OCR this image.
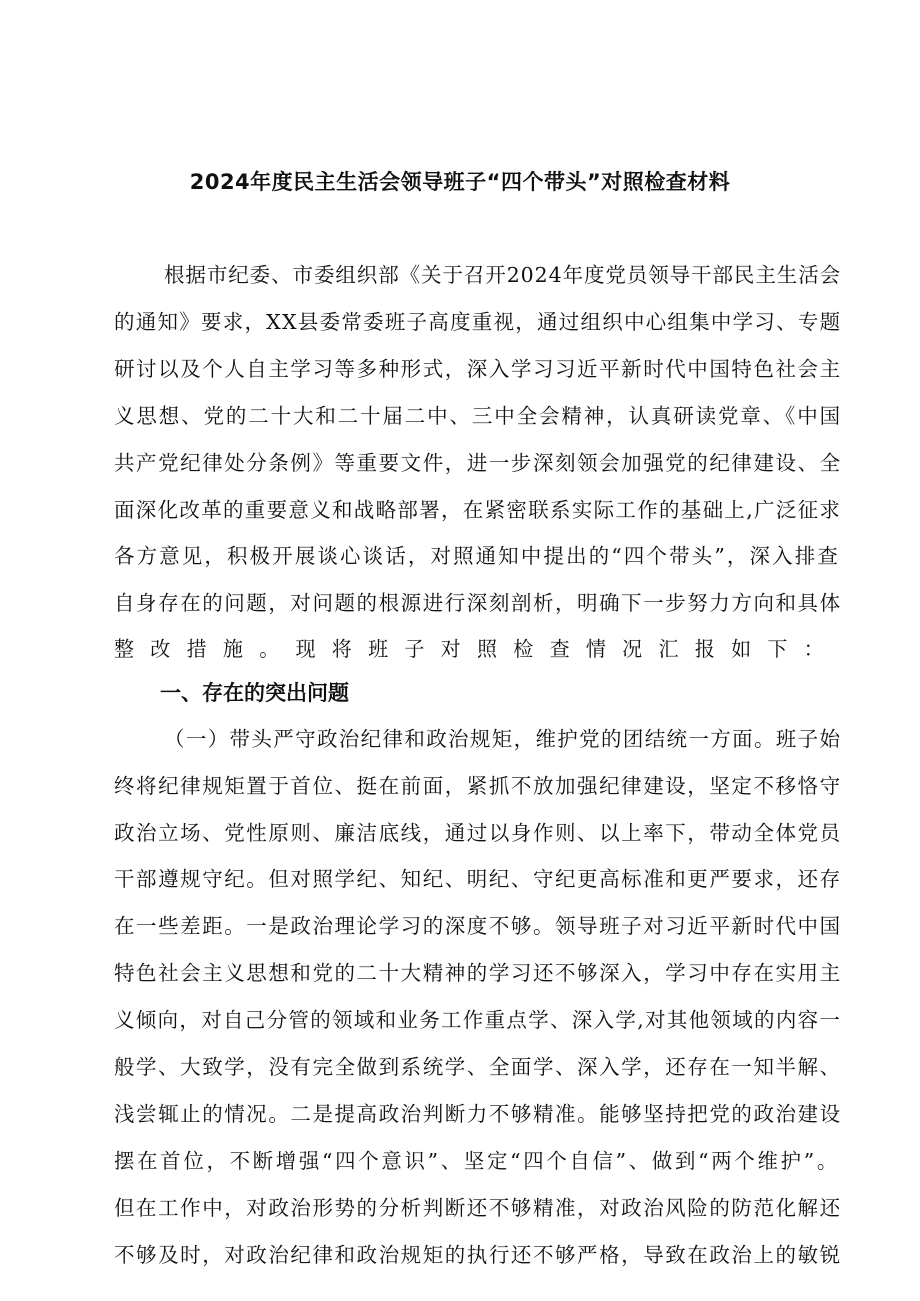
2024年度民主生活会领导班子“四个带头”对照检查材料

根据市纪委、市委组织部《关于召开2024年度党员领导干部民主生活会

的通知》要求，XX县委常委班子高度重视，通过组织中心组集中学习、专题

研讨以及个人自主学习等多种形式，深入学习习近平新时代中国特色社会主

义思想、党的二十大和二十届二中、三中全会精神，认真研读党章、《中国

共产党纪律处分条例》等重要文件，进一步深刻领会加强党的纪律建设、全

面深化改革的重要意义和战略部署，在紧密联系实际工作的基础上,广泛征求

各方意见，积极开展谈心谈话，对照通知中提出的“四个带头”，深入排查

自身存在的问题，对问题的根源进行深刻剖析，明确下一步努力方向和具体

整改措施。现将班子对照检查情况汇报如下：

一、存在的突出问题

（一）带头严守政治纪律和政治规矩，维护党的团结统一方面。班子始

终将纪律规矩置于首位、挺在前面，紧抓不放加强纪律建设，坚定不移恪守

政治立场、党性原则、廉洁底线，通过以身作则、以上率下，带动全体党员

干部遵规守纪。但对照学纪、知纪、明纪、守纪更高标准和更严要求，还存

在一些差距。一是政治理论学习的深度不够。领导班子对习近平新时代中国

特色社会主义思想和党的二十大精神的学习还不够深入，学习中存在实用主

义倾向，对自己分管的领域和业务工作重点学、深入学,对其他领域的内容一

般学、大致学，没有完全做到系统学、全面学、深入学，还存在一知半解、

浅尝辄止的情况。二是提高政治判断力不够精准。能够坚持把党的政治建设

摆在首位，不断增强“四个意识”、坚定“四个自信”、做到“两个维护”。

但在工作中，对政治形势的分析判断还不够精准，对政治风险的防范化解还

不够及时，对政治纪律和政治规矩的执行还不够严格，导致在政治上的敏锐
